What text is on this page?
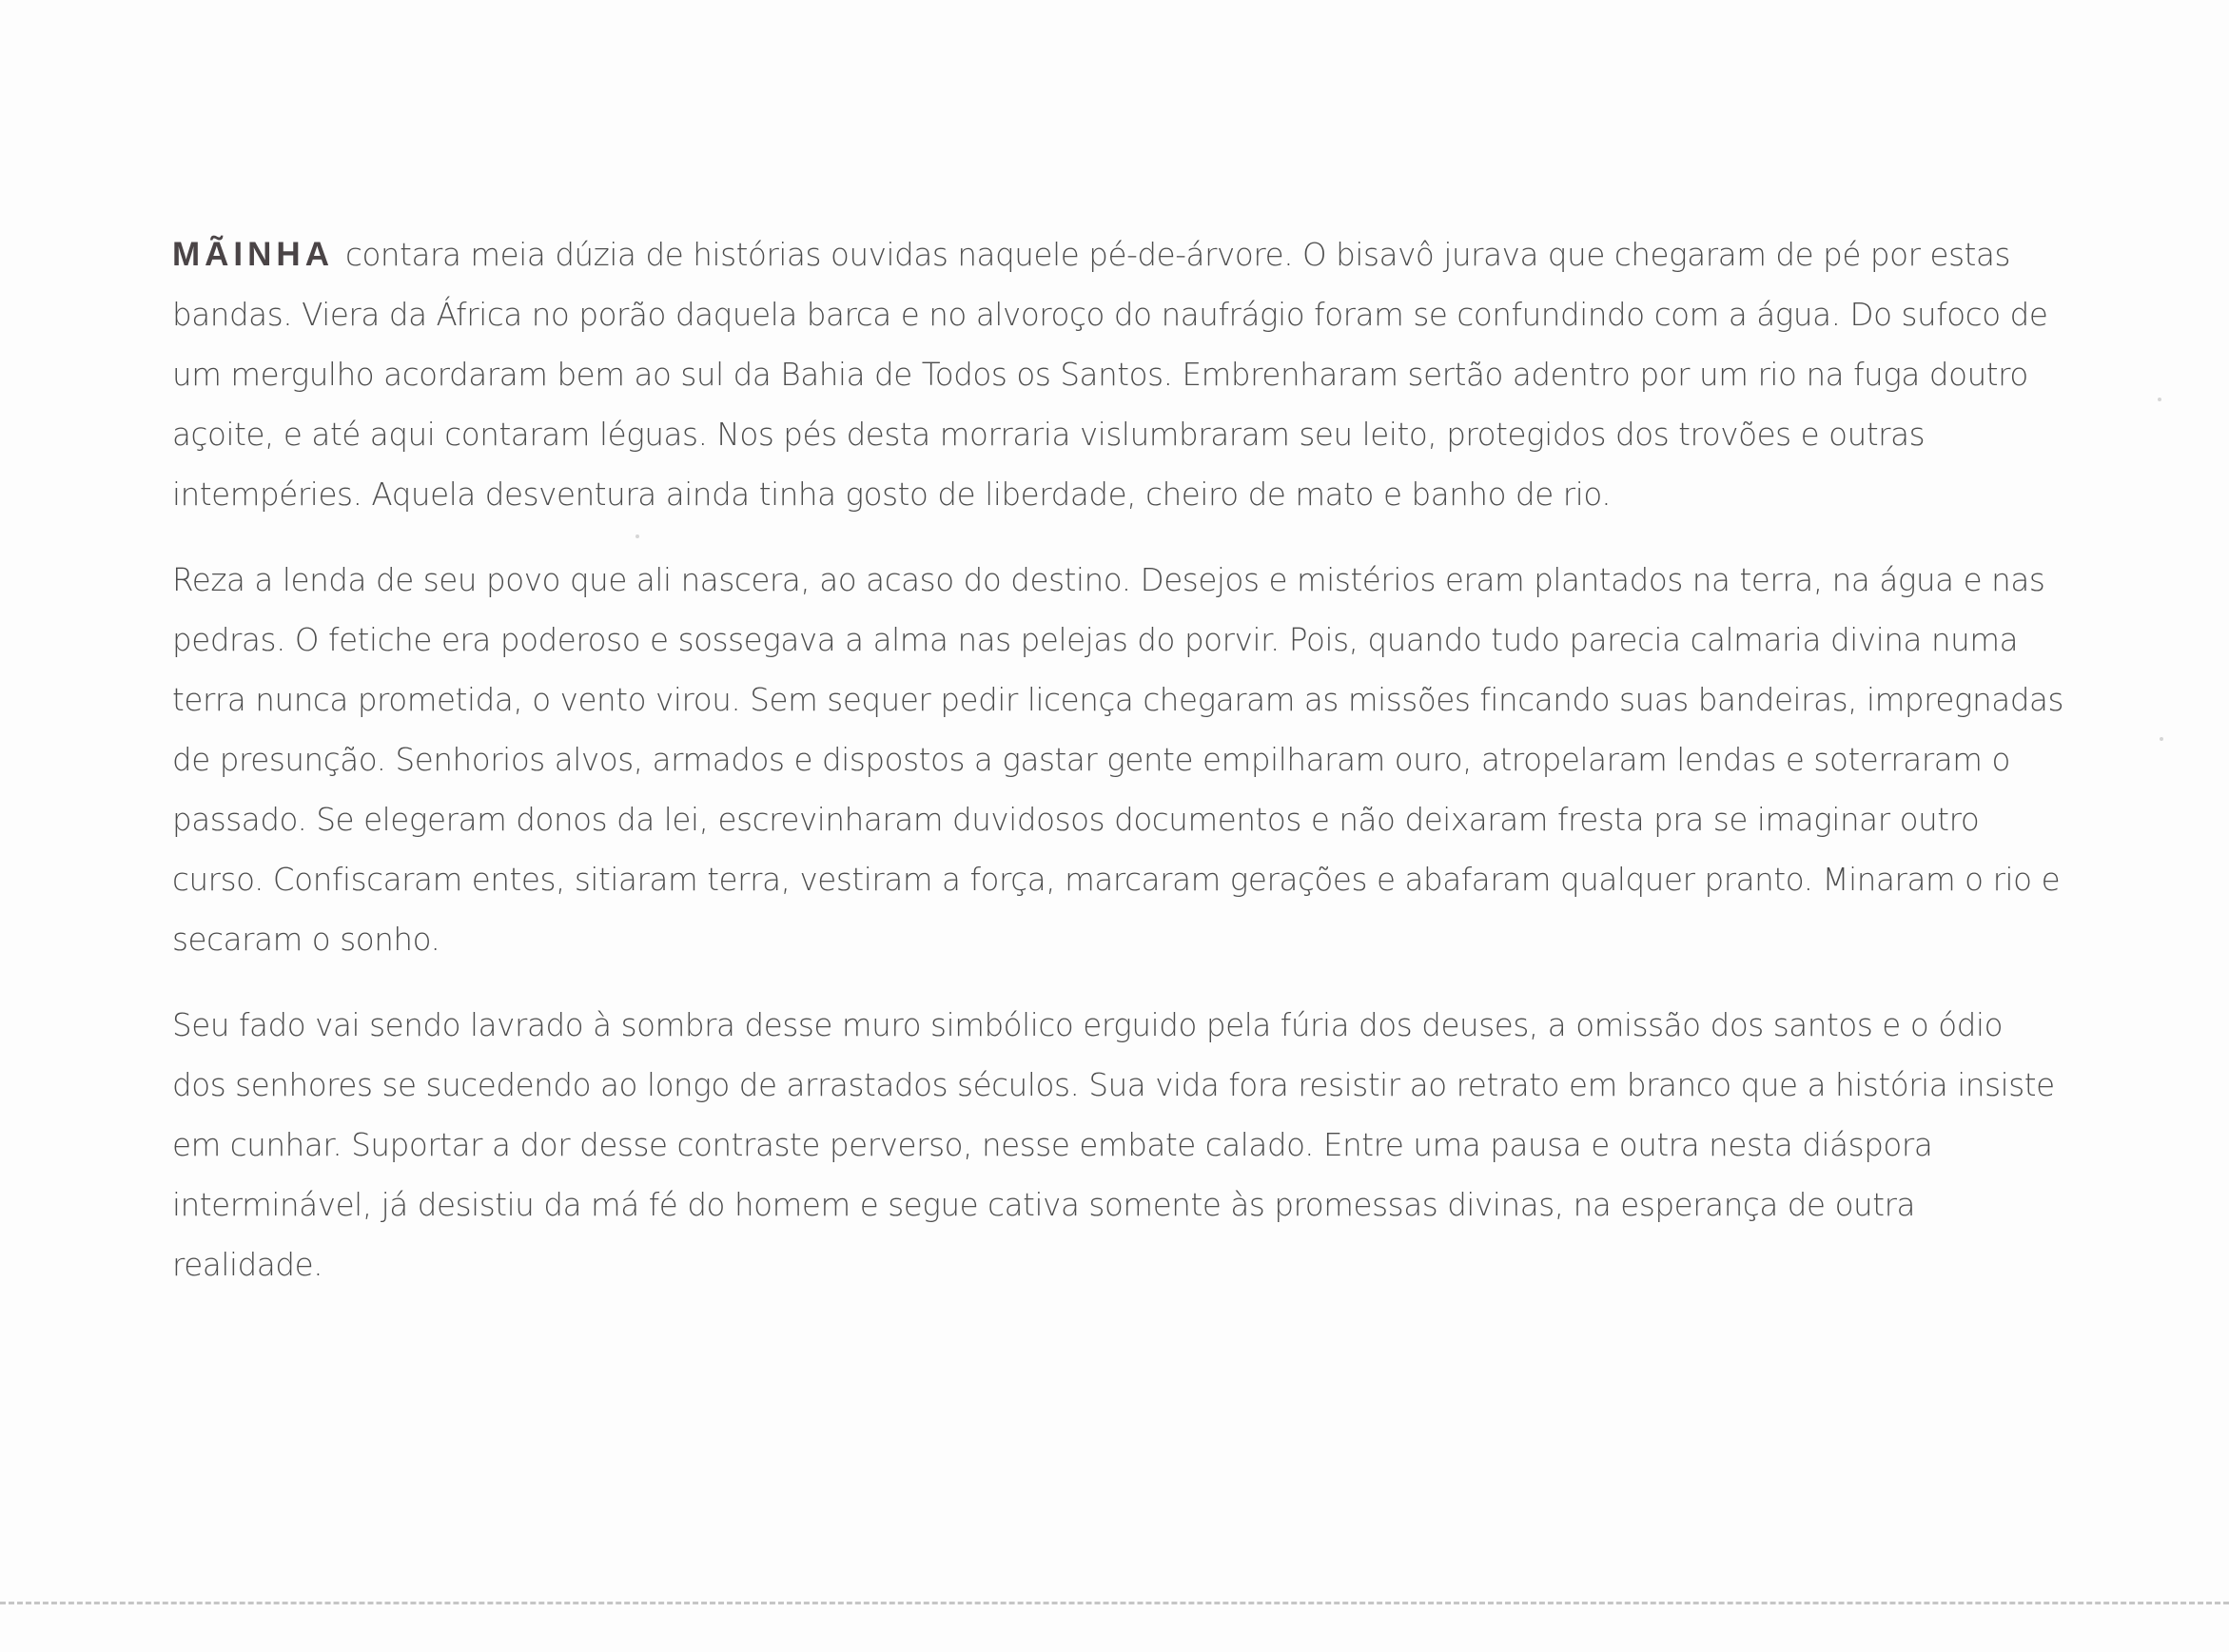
MÃINHA contara meia dúzia de histórias ouvidas naquele pé-de-árvore. O bisavô jurava que chegaram de pé por estas bandas. Viera da África no porão daquela barca e no alvoroço do naufrágio foram se confundindo com a água. Do sufoco de um mergulho acordaram bem ao sul da Bahia de Todos os Santos. Embrenharam sertão adentro por um rio na fuga doutro açoite, e até aqui contaram léguas. Nos pés desta morraria vislumbraram seu leito, protegidos dos trovões e outras intempéries. Aquela desventura ainda tinha gosto de liberdade, cheiro de mato e banho de rio.

Reza a lenda de seu povo que ali nascera, ao acaso do destino. Desejos e mistérios eram plantados na terra, na água e nas pedras. O fetiche era poderoso e sossegava a alma nas pelejas do porvir. Pois, quando tudo parecia calmaria divina numa terra nunca prometida, o vento virou. Sem sequer pedir licença chegaram as missões fincando suas bandeiras, impregnadas de presunção. Senhorios alvos, armados e dispostos a gastar gente empilharam ouro, atropelaram lendas e soterraram o passado. Se elegeram donos da lei, escrevinharam duvidosos documentos e não deixaram fresta pra se imaginar outro curso. Confiscaram entes, sitiaram terra, vestiram a força, marcaram gerações e abafaram qualquer pranto. Minaram o rio e secaram o sonho.

Seu fado vai sendo lavrado à sombra desse muro simbólico erguido pela fúria dos deuses, a omissão dos santos e o ódio dos senhores se sucedendo ao longo de arrastados séculos. Sua vida fora resistir ao retrato em branco que a história insiste em cunhar. Suportar a dor desse contraste perverso, nesse embate calado. Entre uma pausa e outra nesta diáspora interminável, já desistiu da má fé do homem e segue cativa somente às promessas divinas, na esperança de outra realidade.
